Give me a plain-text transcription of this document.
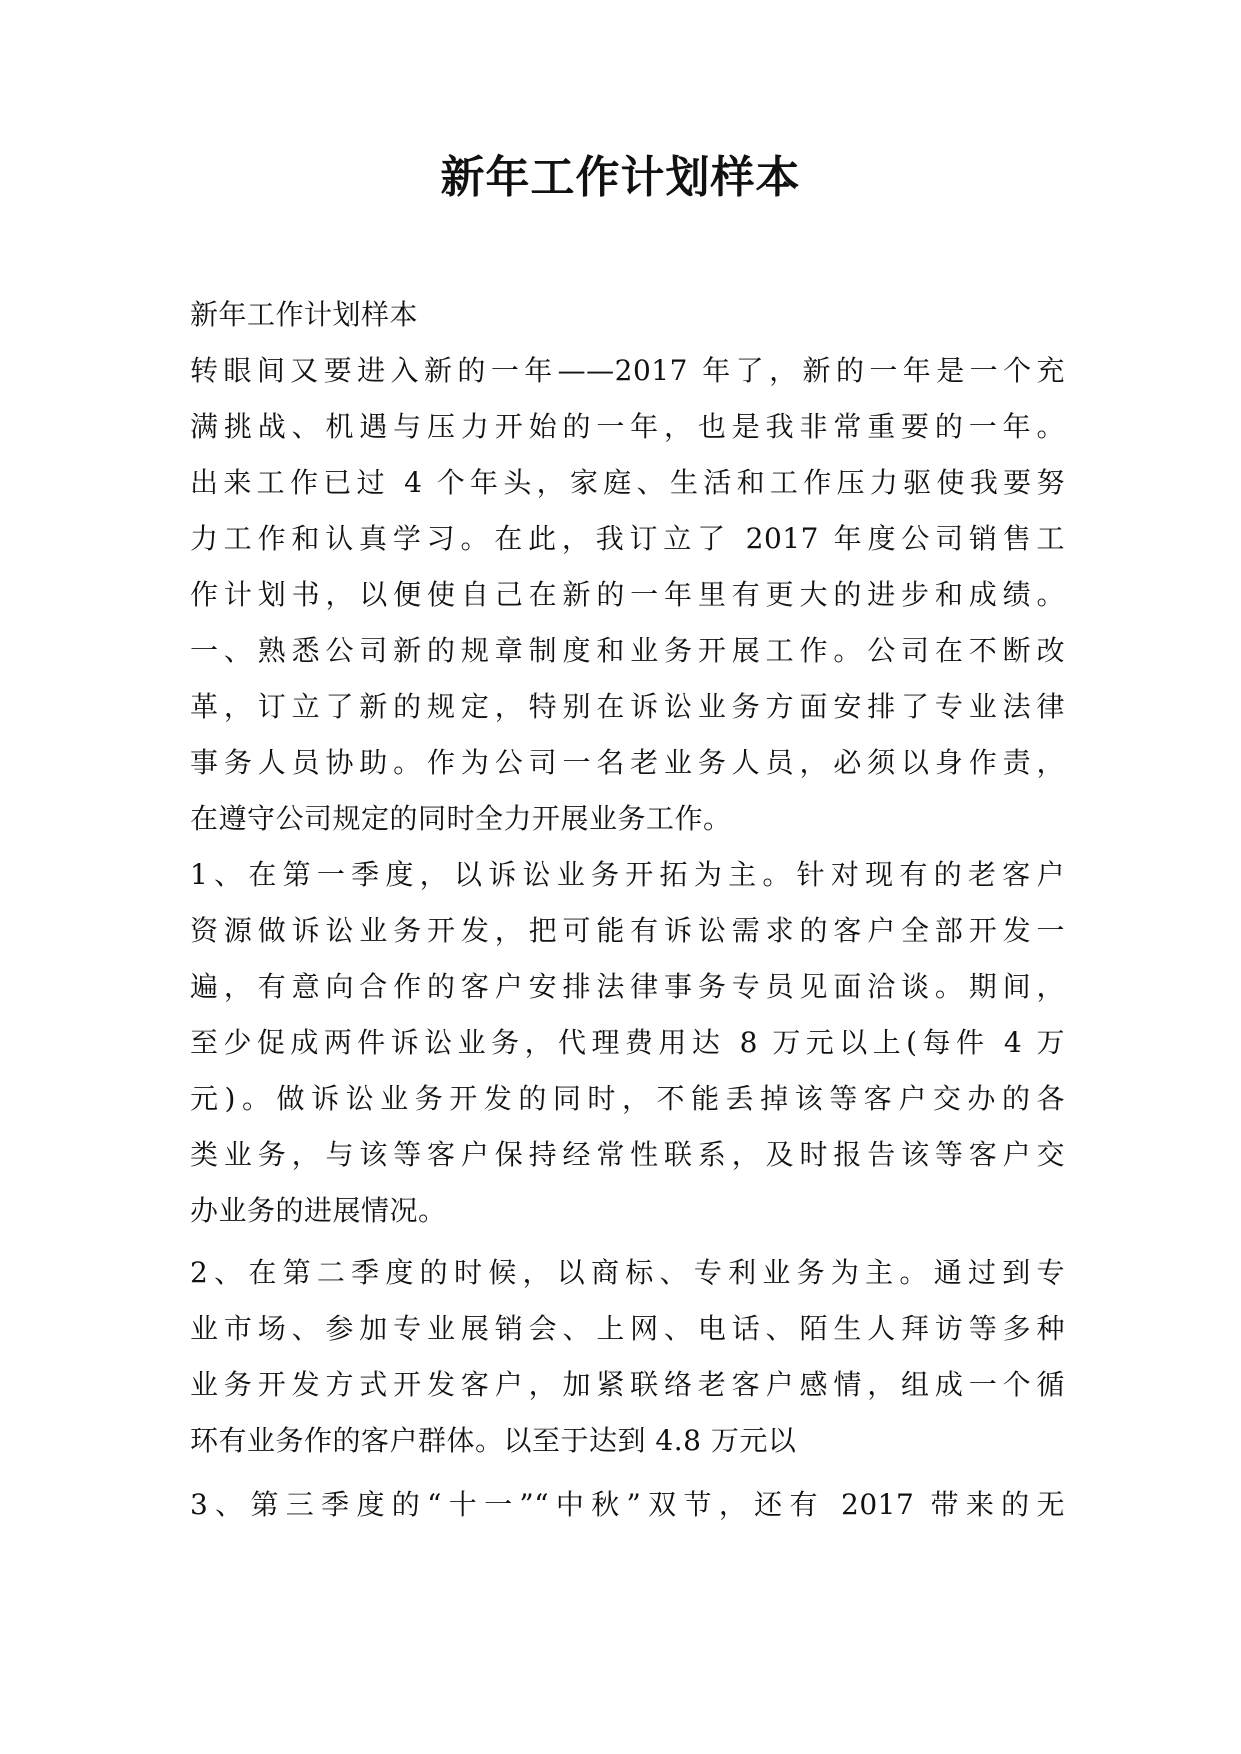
新年工作计划样本
新年工作计划样本
转眼间又要进入新的一年——2017 年了，新的一年是一个充
满挑战、机遇与压力开始的一年，也是我非常重要的一年。
出来工作已过 4 个年头，家庭、生活和工作压力驱使我要努
力工作和认真学习。在此，我订立了 2017 年度公司销售工
作计划书，以便使自己在新的一年里有更大的进步和成绩。
一、熟悉公司新的规章制度和业务开展工作。公司在不断改
革，订立了新的规定，特别在诉讼业务方面安排了专业法律
事务人员协助。作为公司一名老业务人员，必须以身作责，
在遵守公司规定的同时全力开展业务工作。
1、在第一季度，以诉讼业务开拓为主。针对现有的老客户
资源做诉讼业务开发，把可能有诉讼需求的客户全部开发一
遍，有意向合作的客户安排法律事务专员见面洽谈。期间，
至少促成两件诉讼业务，代理费用达 8 万元以上(每件 4 万
元)。做诉讼业务开发的同时，不能丢掉该等客户交办的各
类业务，与该等客户保持经常性联系，及时报告该等客户交
办业务的进展情况。
2、在第二季度的时候，以商标、专利业务为主。通过到专
业市场、参加专业展销会、上网、电话、陌生人拜访等多种
业务开发方式开发客户，加紧联络老客户感情，组成一个循
环有业务作的客户群体。以至于达到 4.8 万元以
3、第三季度的“十一”“中秋”双节，还有 2017 带来的无
